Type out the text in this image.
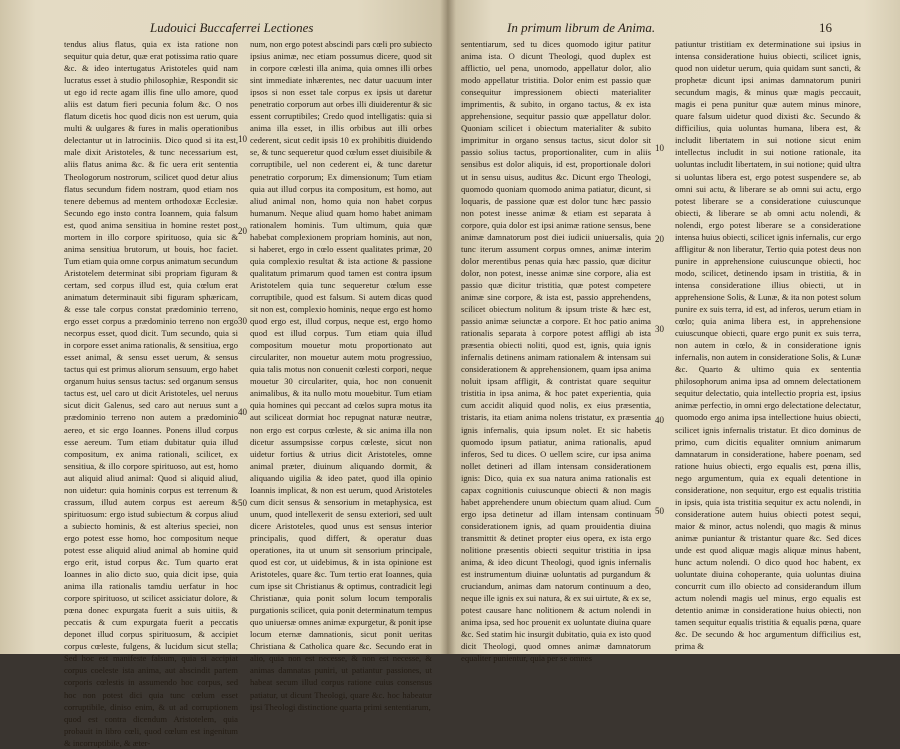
Ludouici Buccaferrei Lectiones

tendus alius flatus, quia ex ista ratione non sequitur quia detur, quæ erat potissima ratio quare &c. & ideo intertugatus Aristoteles quid nam lucratus esset à studio philosophiæ, Respondit sic ut ego id recte agam illis fine ullo amore, quod aliis est datum fieri pecunia folum &c. O nos flatum dicetis hoc quod dicis non est uerum, quia multi & uulgares & fures in malis operationibus delectantur ut in latrociniis. Dico quod si ita est, male dixit Aristoteles, & tunc necessarium est, aliis flatus anima &c. & fic uera erit sententia Theologorum nostrorum, scilicet quod detur alius flatus secundum fidem nostram, quod etiam nos tenere debemus ad mentem orthodoxæ Ecclesiæ. Secundo ego insto contra Ioannem, quia falsum est, quod anima sensitiua in homine restet post mortem in illo corpore spirituoso, quia sic & anima sensitiua brutorum, ut bouis, hoc faciet. Tum etiam quia omne corpus animatum secundum Aristotelem determinat sibi propriam figuram & certam, sed corpus illud est, quia cœlum erat animatum determinauit sibi figuram sphæricam, & esse tale corpus constat prædominio terreno, ergo esset corpus a prædominio terreno non ergo necorpus esset, quod dicit. Tum secundo, quia si in corpore esset anima rationalis, & sensitiua, ergo esset animal, & sensu esset uerum, & sensus tactus qui est primus aliorum sensuum, ergo habet organum huius sensus tactus: sed organum sensus tactus est, uel caro ut dicit Aristoteles, uel neruus sicut dicit Galenus, sed caro aut neruus sunt a prædominio terreno non autem a prædominio aereo, et sic ergo Ioannes. Ponens illud corpus esse aereum. Tum etiam dubitatur quia illud compositum, ex anima rationali, scilicet, ex sensitiua, & illo corpore spirituoso, aut est, homo aut aliquid aliud animal: Quod si aliquid aliud, non uidetur: quia hominis corpus est terrenum & crassum, illud autem corpus est aereum & spirituosum: ergo istud subiectum & corpus aliud a subiecto hominis, & est alterius speciei, non ergo potest esse homo, hoc compositum neque potest esse aliquid aliud animal ab homine quid ergo erit, istud corpus &c. Tum quarto erat Ioannes in alio dicto suo, quia dicit ipse, quia anima illa rationalis tamdiu uerfatur in hoc corpore spirituoso, ut scilicet assiciatur dolore, & pœna donec expurgata fuerit a suis uitiis, & peccatis & cum expurgata fuerit a peccatis deponet illud corpus spirituosum, & accipiet corpus cœleste, fulgens, & lucidum sicut stella; Sed hoc est manifeste falsum, quia si accipiat corpus coeleste ista anima, aut abscindit partem corporis cœlestis in assumendo hoc corpus, sed hoc non potest dici quia tunc cœlum esset corruptibile, diniso enim, & ut ad corruptionem quod est contra dicendum Aristotelem, quia probauit in libro cœli, quod cœlum est ingenitum & incorruptibile, & æter-

num, non ergo potest abscindi pars cœli pro subiecto ipsius animæ, nec etiam possumus dicere, quod sit in corpore cœlesti illa anima, quia omnes illi orbes sint immediate inhærentes, nec datur uacuum inter ipsos si non esset tale corpus ex ipsis ut daretur penetratio corporum aut orbes illi diuiderentur & sic essent corruptibiles; Credo quod intelligatis: quia si anima illa esset, in illis orbibus aut illi orbes cederent, sicut cedit ipsis 10 ex prohibitis diuidendo se, & tunc sequeretur quod cœlum esset diuisibile & corruptibile, uel non cederent ei, & tunc daretur penetratio corporum; Ex dimensionum; Tum etiam quia aut illud corpus ita compositum, est homo, aut aliud animal non, homo quia non habet corpus humanum. Neque aliud quam homo habet animam rationalem hominis. Tum ultimum, quia quæ habebat complexionem propriam hominis, aut non, si haberet, ergo in cœlo essent qualitates primæ, 20 quia complexio resultat & ista actione & passione qualitatum primarum quod tamen est contra ipsum Aristotelem quia tunc sequeretur cœlum esse corruptibile, quod est falsum. Si autem dicas quod sit non est, complexio hominis, neque ergo est homo quod ergo est, illud corpus, neque est, ergo homo quod est illud corpus. Tum etiam quia illud compositum mouetur motu proportionato aut circulariter, non mouetur autem motu progressiuo, quia talis motus non conuenit cœlesti corpori, neque mouetur 30 circulariter, quia, hoc non conuenit animalibus, & ita nullo motu mouebitur. Tum etiam quia homines qui peccant ad cœlos supra motus ita aut sciliceat dormiat hoc repugnat naturæ neutræ, non ergo est corpus cœleste, & sic anima illa non dicetur assumpsisse corpus cœleste, sicut non uidetur fortius & utrius dicit Aristoteles, omne animal præter, diuinum aliquando dormit, & aliquando uigilia & ideo patet, quod illa opinio Ioannis implicat, & non est uerum, quod Aristoteles cum dicit sensus & sensorium in metaphysica, est unum, quod intellexerit de sensu exteriori, sed uult dicere Aristoteles, quod unus est sensus interior principalis, quod differt, & operatur duas operationes, ita ut unum sit sensorium principale, quod est cor, ut uidebimus, & in ista opinione est Aristoteles, quare &c. Tum tertio erat Ioannes, quia cum ipse sit Christianus & optimus, contradicit legi Christianæ, quia ponit solum locum temporalis purgationis scilicet, quia ponit determinatum tempus quo uniuersæ omnes animæ expurgetur, & ponit ipse locum eternæ damnationis, sicut ponit ueritas Christiana & Catholica quare &c. Secundo erat in alio, quia non est necesse, & non est necesse, & animas damnatas puniri, ut patiantur passiones, ut habeat secum illud corpus ratione cuius consensus patiatur, ut dicunt Theologi, quare &c. hoc habeatur ipsi Theologi distinctione quarta primi sententiarum,

10
20
30
40
50
In primum librum de Anima.	16

sententiarum, sed tu dices quomodo igitur patitur anima ista. O dicunt Theologi, quod duplex est afflictio, uel pena, unomodo, appellatur dolor, alio modo appellatur tristitia. Dolor enim est passio quæ consequitur impressionem obiecti materialiter imprimentis, & subito, in organo tactus, & ex ista apprehensione, sequitur passio quæ appellatur dolor. Quoniam scilicet i obiectum materialiter & subito imprimitur in organo sensus tactus, sicut dolor sit passio solius tactus, proportionaliter, cum in aliis sensibus est dolor aliquis, id est, proportionale dolori ut in sensu uisus, auditus &c. Dicunt ergo Theologi, quomodo quoniam quomodo anima patiatur, dicunt, si loquaris, de passione quæ est dolor tunc hæc passio non potest inesse animæ & etiam est separata à corpore, quia dolor est ipsi animæ ratione sensus, bene animæ damnatorum post diei iudicii uniuersalis, quia tunc iterum assument corpus omnes, animæ interim dolor merentibus penas quia hæc passio, quæ dicitur dolor, non potest, inesse animæ sine corpore, alia est passio quæ dicitur tristitia, quæ potest competere animæ sine corpore, & ista est, passio apprehendens, scilicet obiectum nolitum & ipsum triste & hæc est, passio animæ seiunctæ a corpore. Et hoc patio anima rationalis separata à corpore potest affligi ab ista præsentia obiecti noliti, quod est, ignis, quia ignis infernalis detinens animam rationalem & intensam sui considerationem & apprehensionem, quam ipsa anima noluit ipsam affligit, & contristat quare sequitur tristitia in ipsa anima, & hoc patet experientia, quia cum accidit aliquid quod nolis, ex eius præsentia, tristaris, ita etiam anima nolens tristatur, ex præsentia ignis infernalis, quia ipsum nolet. Et sic habetis quomodo ipsum patiatur, anima rationalis, apud inferos, Sed tu dices. O uellem scire, cur ipsa anima nollet detineri ad illam intensam considerationem ignis: Dico, quia ex sua natura anima rationalis est capax cognitionis cuiuscunque obiecti & non magis habet apprehendere unum obiectum quam aliud. Cum ergo ipsa detinetur ad illam intensam continuam considerationem ignis, ad quam prouidentia diuina transmittit & detinet propter eius opera, ex ista ergo nolitione præsentis obiecti sequitur tristitia in ipsa anima, & ideo dicunt Theologi, quod ignis infernalis est instrumentum diuinæ uoluntatis ad purgandum & cruciandum, animas dam natorum continuum a deo, neque ille ignis ex sui natura, & ex sui uirtute, & ex se, potest causare hanc nolitionem & actum nolendi in anima ipsa, sed hoc prouenit ex uoluntate diuina quare &c. Sed statim hic insurgit dubitatio, quia ex isto quod dicit Theologi, quod omnes animæ damnatorum equaliter punientur, quia per se omnes

patiuntur tristitiam ex determinatione sui ipsius in intensa consideratione huius obiecti, scilicet ignis, quod non uidetur uerum, quia quidam sunt sancti, & prophetæ dicunt ipsi animas damnatorum puniri secundum magis, & minus quæ magis peccauit, magis ei pena punitur quæ autem minus minore, quare falsum uidetur quod dixisti &c. Secundo & difficilius, quia uoluntas humana, libera est, & includit libertatem in sui notione sicut enim intellectus includit in sui notione rationale, ita uoluntas includit libertatem, in sui notione; quid ultra si uoluntas libera est, ergo potest suspendere se, ab omni sui actu, & liberare se ab omni sui actu, ergo potest liberare se a consideratione cuiuscunque obiecti, & liberare se ab omni actu nolendi, & nolendi, ergo potest liberare se a consideratione intensa huius obiecti, scilicet ignis infernalis, cur ergo affligitur & non liberatur, Tertio quia potest deus non punire in apprehensione cuiuscunque obiecti, hoc modo, scilicet, detinendo ipsam in tristitia, & in intensa consideratione illius obiecti, ut in apprehensione Solis, & Lunæ, & ita non potest solum punire ex suis terra, id est, ad inferos, uerum etiam in cœlo; quia anima libera est, in apprehensione cuiuscunque obiecti, quare ergo punit ex suis terra, non autem in cœlo, & in consideratione ignis infernalis, non autem in consideratione Solis, & Lunæ &c. Quarto & ultimo quia ex sententia philosophorum anima ipsa ad omnem delectationem sequitur delectatio, quia intellectio propria est, ipsius animæ perfectio, in omni ergo delectatione delectatur, quomodo ergo anima ipsa intellectione huius obiecti, scilicet ignis infernalis tristatur. Et dico dominus de primo, cum dicitis equaliter omnium animarum damnatarum in consideratione, habere poenam, sed ratione huius obiecti, ergo equalis est, pœna illis, nego argumentum, quia ex equali detentione in consideratione, non sequitur, ergo est equalis tristitia in ipsis, quia ista tristitia sequitur ex actu nolendi, in consideratione autem huius obiecti potest sequi, maior & minor, actus nolendi, quo magis & minus animæ puniantur & tristantur quare &c. Sed dices unde est quod aliquæ magis aliquæ minus habent, hunc actum nolendi. O dico quod hoc habent, ex uoluntate diuina cohoperante, quia uoluntas diuina concurrit cum illo obiecto ad considerandum illum actum nolendi magis uel minus, ergo equalis est detentio animæ in consideratione huius obiecti, non tamen sequitur equalis tristitia & equalis pœna, quare &c. De secundo & hoc argumentum difficilius est, prima &

10
20
30
40
50
